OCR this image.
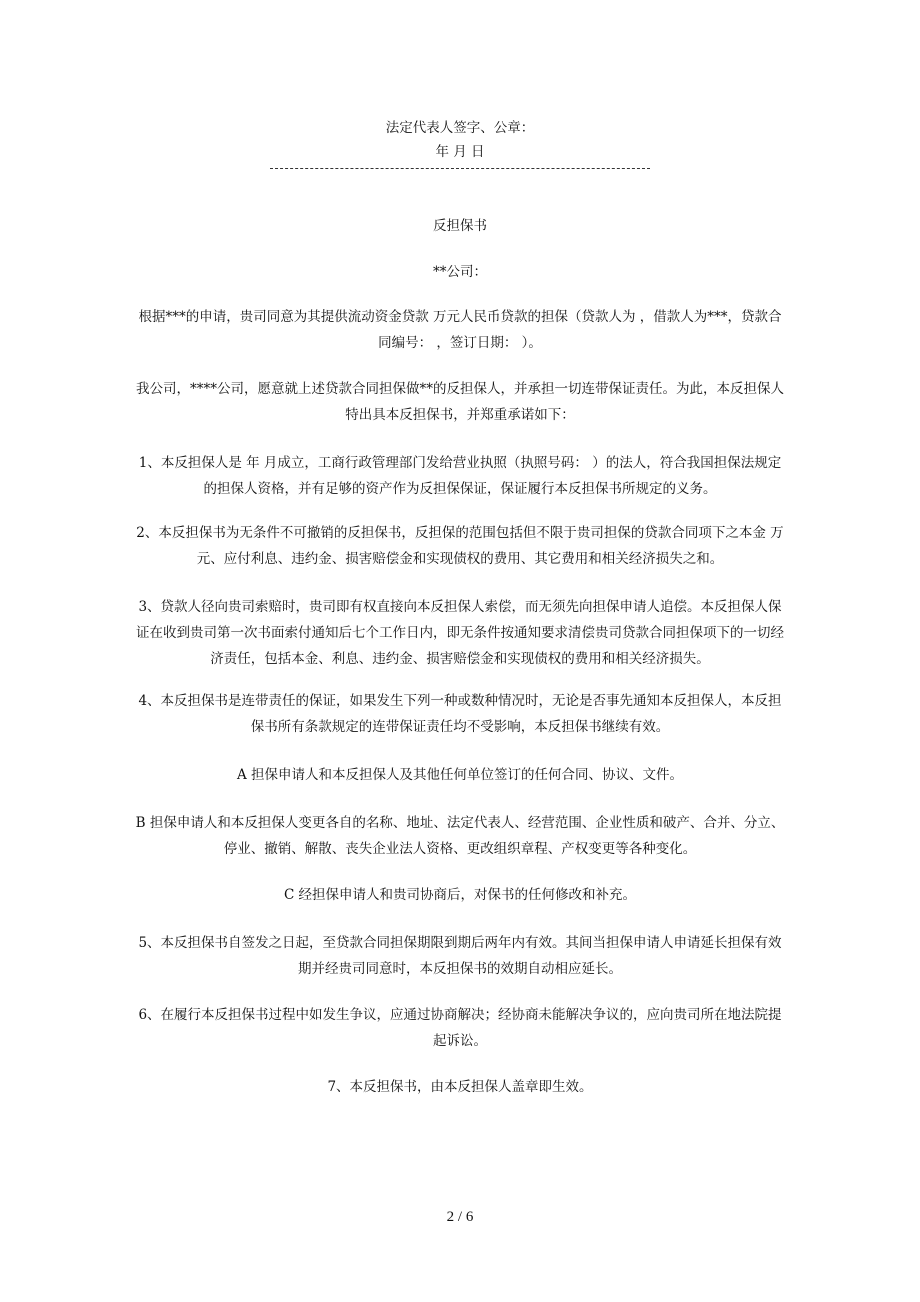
法定代表人签字、公章：
年 月 日
反担保书
**公司：
根据***的申请，贵司同意为其提供流动资金贷款 万元人民币贷款的担保（贷款人为 ，借款人为***，贷款合同编号： ，签订日期： ）。
我公司，****公司，愿意就上述贷款合同担保做**的反担保人，并承担一切连带保证责任。为此，本反担保人特出具本反担保书，并郑重承诺如下：
1、本反担保人是 年 月成立，工商行政管理部门发给营业执照（执照号码： ）的法人，符合我国担保法规定的担保人资格，并有足够的资产作为反担保保证，保证履行本反担保书所规定的义务。
2、本反担保书为无条件不可撤销的反担保书，反担保的范围包括但不限于贵司担保的贷款合同项下之本金 万元、应付利息、违约金、损害赔偿金和实现债权的费用、其它费用和相关经济损失之和。
3、贷款人径向贵司索赔时，贵司即有权直接向本反担保人索偿，而无须先向担保申请人追偿。本反担保人保证在收到贵司第一次书面索付通知后七个工作日内，即无条件按通知要求清偿贵司贷款合同担保项下的一切经济责任，包括本金、利息、违约金、损害赔偿金和实现债权的费用和相关经济损失。
4、本反担保书是连带责任的保证，如果发生下列一种或数种情况时，无论是否事先通知本反担保人，本反担保书所有条款规定的连带保证责任均不受影响，本反担保书继续有效。
A 担保申请人和本反担保人及其他任何单位签订的任何合同、协议、文件。
B 担保申请人和本反担保人变更各自的名称、地址、法定代表人、经营范围、企业性质和破产、合并、分立、停业、撤销、解散、丧失企业法人资格、更改组织章程、产权变更等各种变化。
C 经担保申请人和贵司协商后，对保书的任何修改和补充。
5、本反担保书自签发之日起，至贷款合同担保期限到期后两年内有效。其间当担保申请人申请延长担保有效期并经贵司同意时，本反担保书的效期自动相应延长。
6、在履行本反担保书过程中如发生争议，应通过协商解决；经协商未能解决争议的，应向贵司所在地法院提起诉讼。
7、本反担保书，由本反担保人盖章即生效。
2 / 6
